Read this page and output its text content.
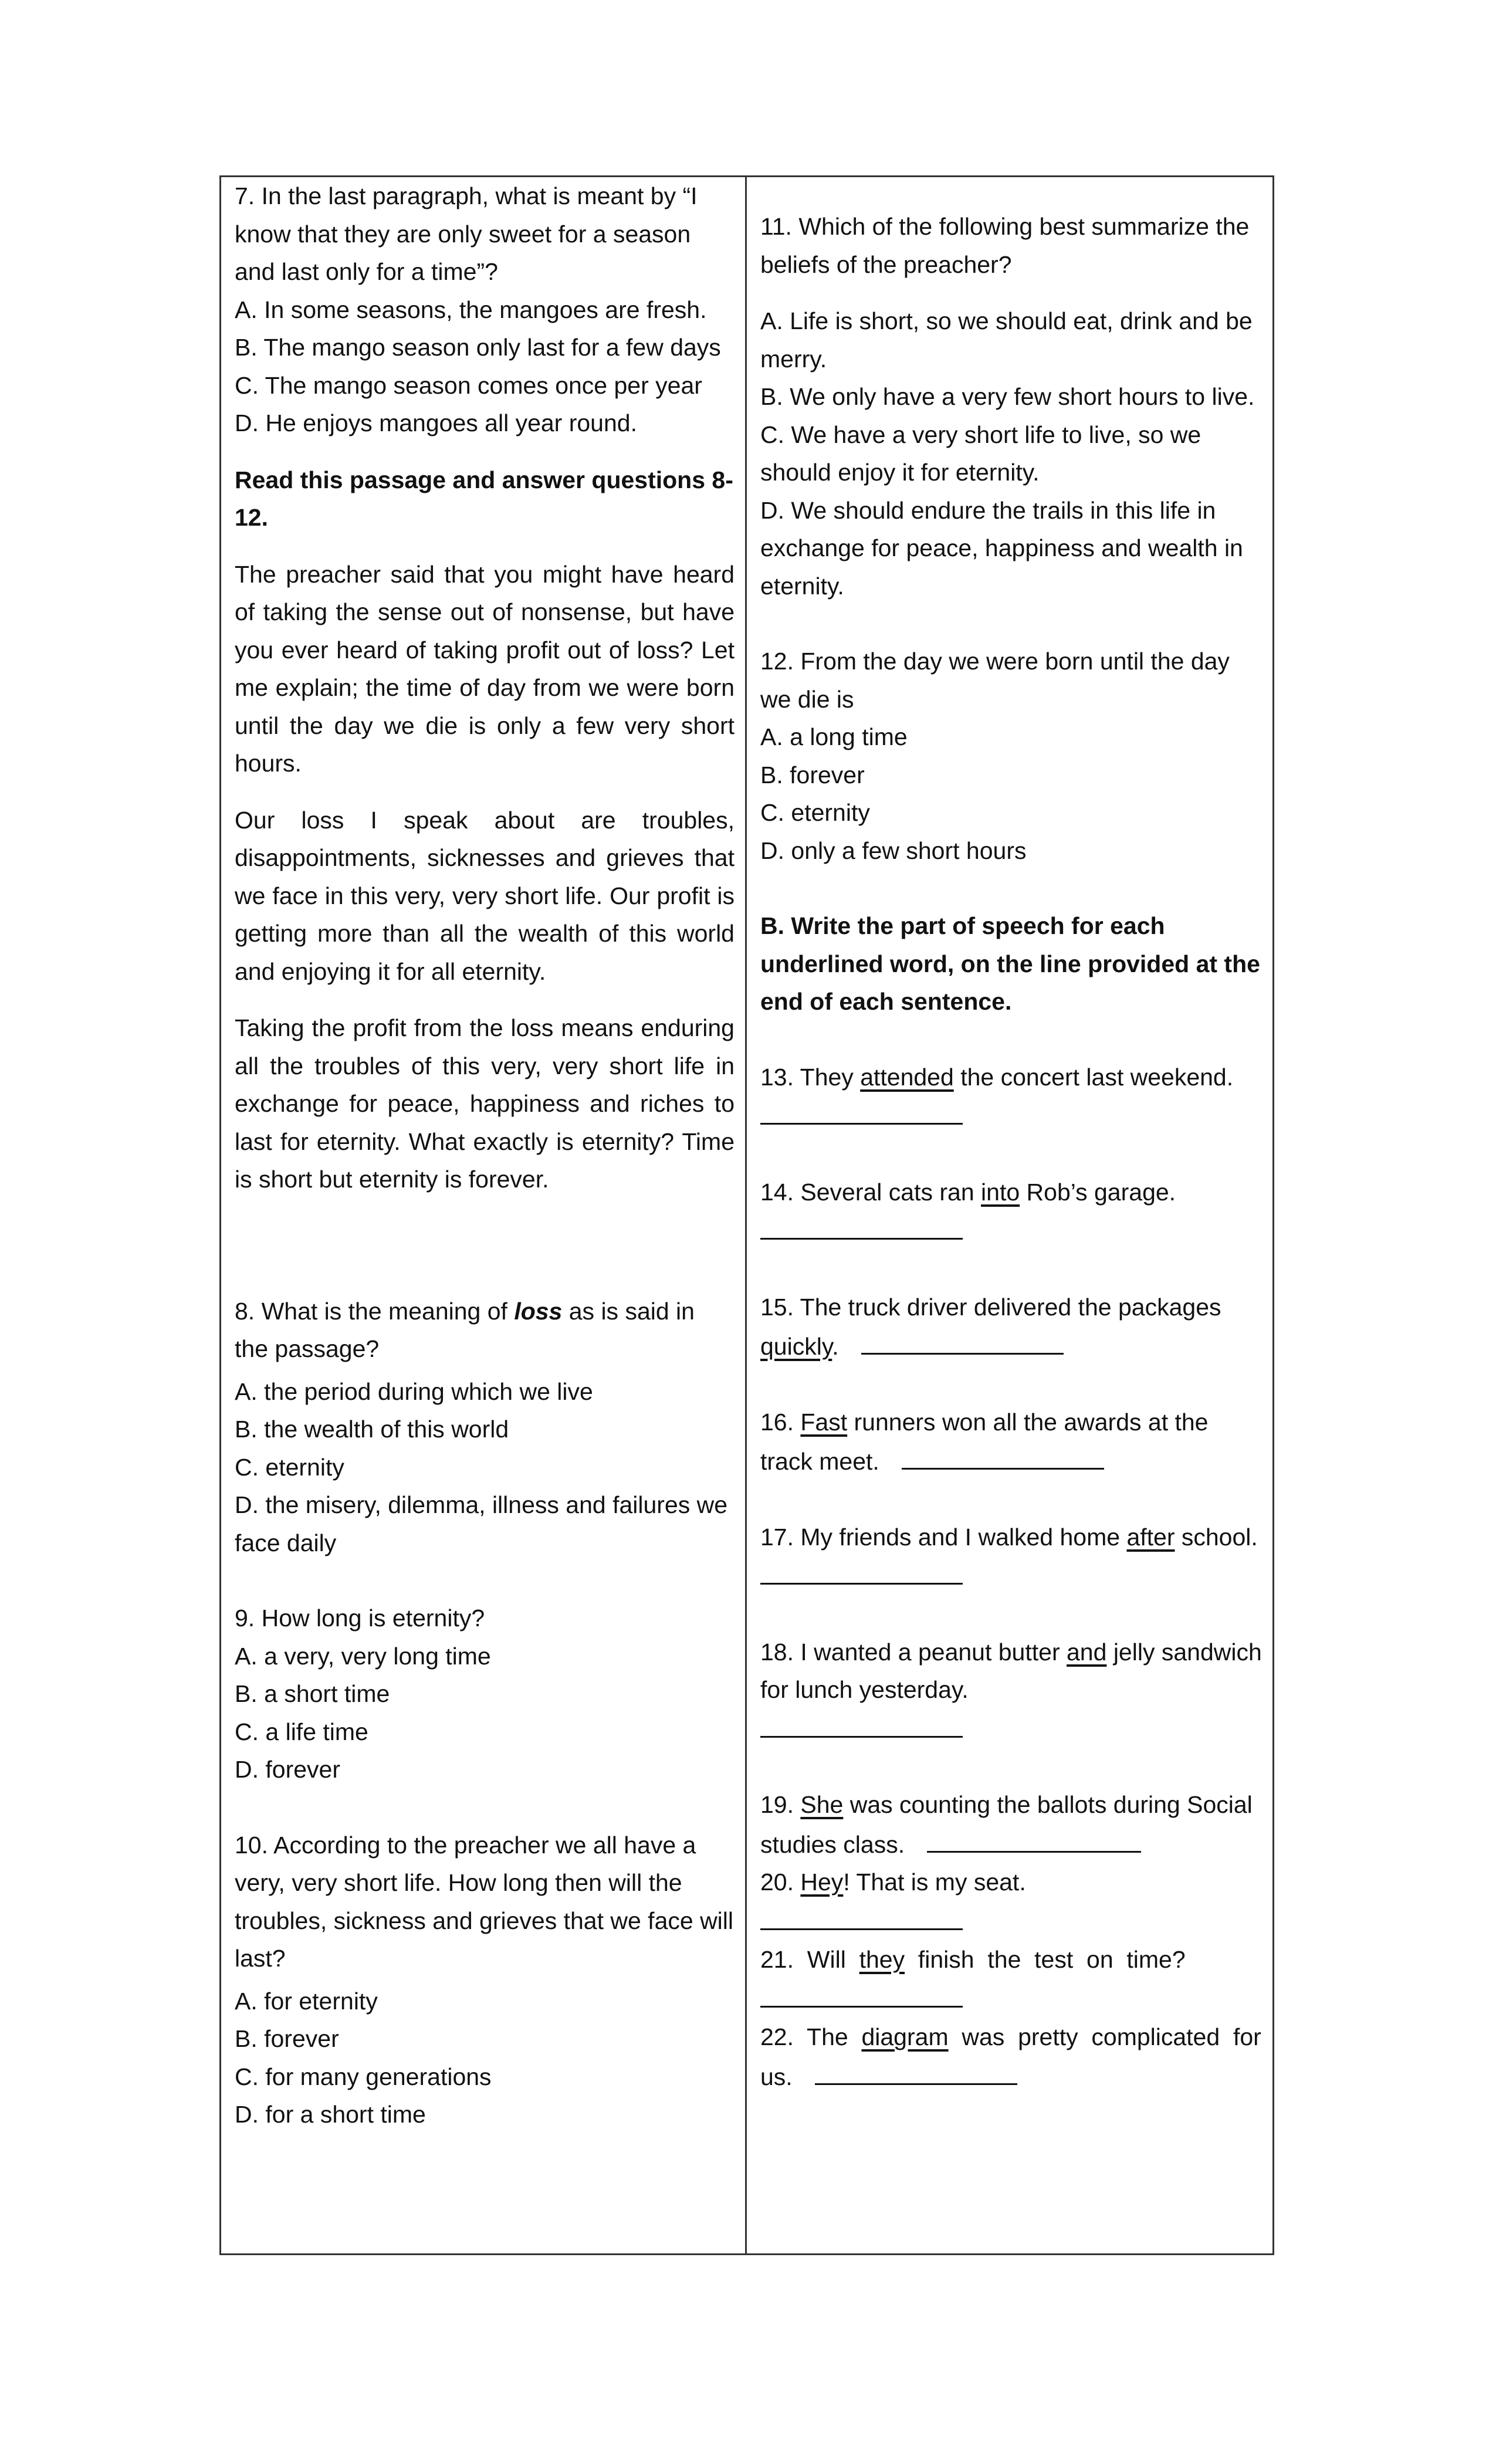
7. In the last paragraph, what is meant by “I know that they are only sweet for a season and last only for a time”?

A. In some seasons, the mangoes are fresh.

B. The mango season only last for a few days

C. The mango season comes once per year

D. He enjoys mangoes all year round.

Read this passage and answer questions 8-12.

The preacher said that you might have heard of taking the sense out of nonsense, but have you ever heard of taking profit out of loss? Let me explain; the time of day from we were born until the day we die is only a few very short hours.

Our loss I speak about are troubles, disappointments, sicknesses and grieves that we face in this very, very short life. Our profit is getting more than all the wealth of this world and enjoying it for all eternity.

Taking the profit from the loss means enduring all the troubles of this very, very short life in exchange for peace, happiness and riches to last for eternity. What exactly is eternity? Time is short but eternity is forever.

8. What is the meaning of loss as is said in the passage?

A. the period during which we live

B. the wealth of this world

C. eternity

D. the misery, dilemma, illness and failures we face daily

9. How long is eternity?

A. a very, very long time

B. a short time

C. a life time

D. forever

10. According to the preacher we all have a very, very short life. How long then will the troubles, sickness and grieves that we face will last?

A. for eternity

B. forever

C. for many generations

D. for a short time

11. Which of the following best summarize the beliefs of the preacher?

A. Life is short, so we should eat, drink and be merry.

B. We only have a very few short hours to live.

C. We have a very short life to live, so we should enjoy it for eternity.

D. We should endure the trails in this life in exchange for peace, happiness and wealth in eternity.

12. From the day we were born until the day we die is

A. a long time

B. forever

C. eternity

D. only a few short hours

B. Write the part of speech for each underlined word, on the line provided at the end of each sentence.

13. They attended the concert last weekend.

14. Several cats ran into Rob’s garage.

15. The truck driver delivered the packages quickly.

16. Fast runners won all the awards at the track meet.

17. My friends and I walked home after school.

18. I wanted a peanut butter and jelly sandwich for lunch yesterday.

19. She was counting the ballots during Social studies class.

20. Hey! That is my seat.

21.  Will  they  finish  the  test  on  time?

22.  The  diagram  was  pretty  complicated  for us.
